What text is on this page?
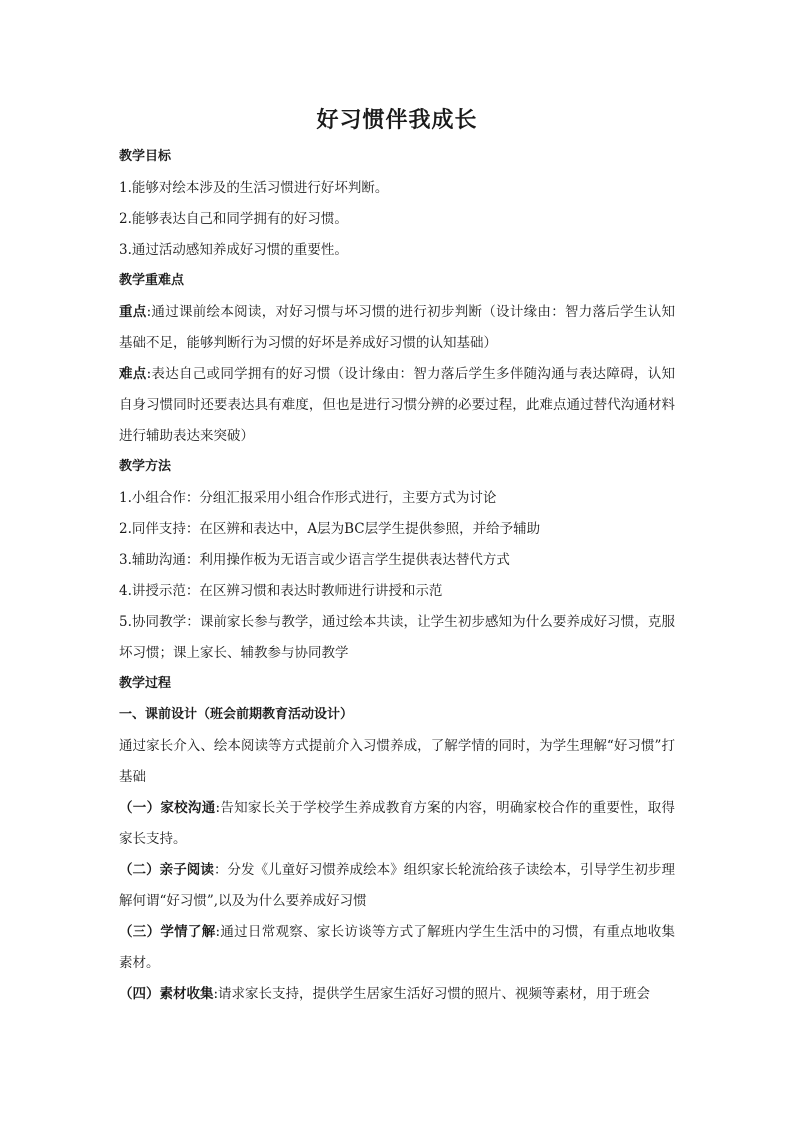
好习惯伴我成长
教学目标
1.能够对绘本涉及的生活习惯进行好坏判断。
2.能够表达自己和同学拥有的好习惯。
3.通过活动感知养成好习惯的重要性。
教学重难点
重点:通过课前绘本阅读，对好习惯与坏习惯的进行初步判断（设计缘由：智力落后学生认知基础不足，能够判断行为习惯的好坏是养成好习惯的认知基础）
难点:表达自己或同学拥有的好习惯（设计缘由：智力落后学生多伴随沟通与表达障碍，认知自身习惯同时还要表达具有难度，但也是进行习惯分辨的必要过程，此难点通过替代沟通材料进行辅助表达来突破）
教学方法
1.小组合作：分组汇报采用小组合作形式进行，主要方式为讨论
2.同伴支持：在区辨和表达中，A层为BC层学生提供参照，并给予辅助
3.辅助沟通：利用操作板为无语言或少语言学生提供表达替代方式
4.讲授示范：在区辨习惯和表达时教师进行讲授和示范
5.协同教学：课前家长参与教学，通过绘本共读，让学生初步感知为什么要养成好习惯，克服坏习惯；课上家长、辅教参与协同教学
教学过程
一、课前设计（班会前期教育活动设计）
通过家长介入、绘本阅读等方式提前介入习惯养成，了解学情的同时，为学生理解“好习惯”打基础
（一）家校沟通:告知家长关于学校学生养成教育方案的内容，明确家校合作的重要性，取得家长支持。
（二）亲子阅读：分发《儿童好习惯养成绘本》组织家长轮流给孩子读绘本，引导学生初步理解何谓“好习惯”,以及为什么要养成好习惯
（三）学情了解:通过日常观察、家长访谈等方式了解班内学生生活中的习惯，有重点地收集素材。
（四）素材收集:请求家长支持，提供学生居家生活好习惯的照片、视频等素材，用于班会
